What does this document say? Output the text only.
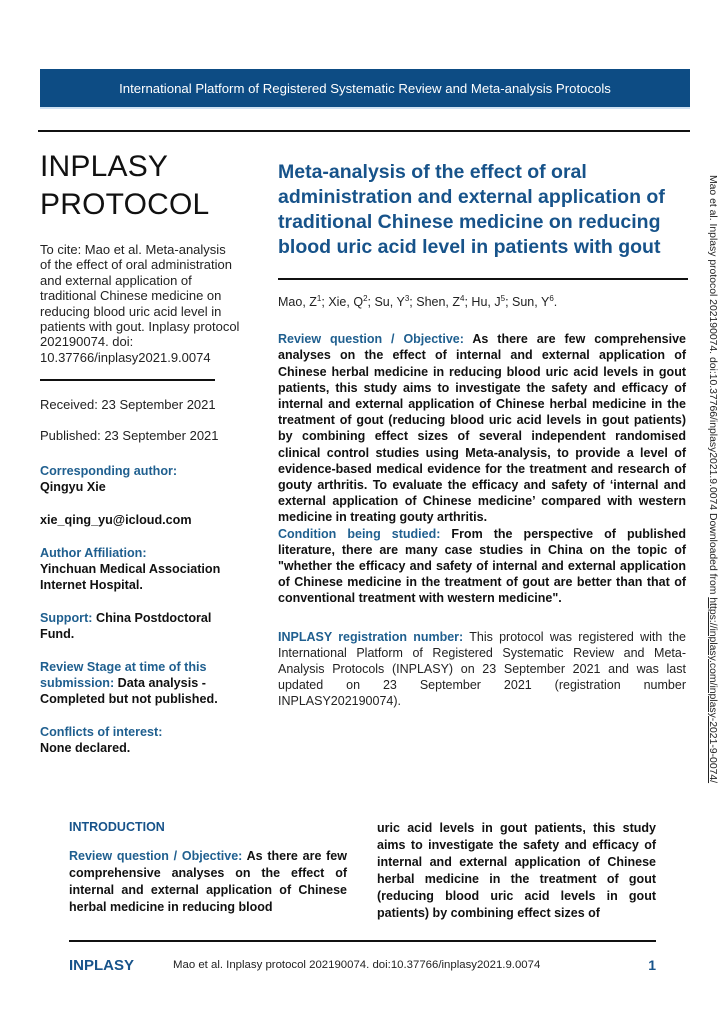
International Platform of Registered Systematic Review and Meta-analysis Protocols
INPLASY
PROTOCOL
To cite: Mao et al. Meta-analysis of the effect of oral administration and external application of traditional Chinese medicine on reducing blood uric acid level in patients with gout. Inplasy protocol 202190074. doi: 10.37766/inplasy2021.9.0074
Received: 23 September 2021
Published: 23 September 2021
Corresponding author:
Qingyu Xie
xie_qing_yu@icloud.com
Author Affiliation:
Yinchuan Medical Association Internet Hospital.
Support: China Postdoctoral Fund.
Review Stage at time of this submission: Data analysis - Completed but not published.
Conflicts of interest:
None declared.
Meta-analysis of the effect of oral administration and external application of traditional Chinese medicine on reducing blood uric acid level in patients with gout
Mao, $Z^1$; Xie, $Q^2$; Su, $Y^3$; Shen, $Z^4$; Hu, $J^5$; Sun, $Y^6$.
Review question / Objective: As there are few comprehensive analyses on the effect of internal and external application of Chinese herbal medicine in reducing blood uric acid levels in gout patients, this study aims to investigate the safety and efficacy of internal and external application of Chinese herbal medicine in the treatment of gout (reducing blood uric acid levels in gout patients) by combining effect sizes of several independent randomised clinical control studies using Meta-analysis, to provide a level of evidence-based medical evidence for the treatment and research of gouty arthritis. To evaluate the efficacy and safety of ‘internal and external application of Chinese medicine’ compared with western medicine in treating gouty arthritis.
Condition being studied: From the perspective of published literature, there are many case studies in China on the topic of "whether the efficacy and safety of internal and external application of Chinese medicine in the treatment of gout are better than that of conventional treatment with western medicine".
INPLASY registration number: This protocol was registered with the International Platform of Registered Systematic Review and Meta-Analysis Protocols (INPLASY) on 23 September 2021 and was last updated on 23 September 2021 (registration number INPLASY202190074).
INTRODUCTION
Review question / Objective: As there are few comprehensive analyses on the effect of internal and external application of Chinese herbal medicine in reducing blood
uric acid levels in gout patients, this study aims to investigate the safety and efficacy of internal and external application of Chinese herbal medicine in the treatment of gout (reducing blood uric acid levels in gout patients) by combining effect sizes of
INPLASY	Mao et al. Inplasy protocol 202190074. doi:10.37766/inplasy2021.9.0074	1
Mao et al. Inplasy protocol 202190074. doi:10.37766/inplasy2021.9.0074 Downloaded from https://inplasy.com/inplasy-2021-9-0074/
